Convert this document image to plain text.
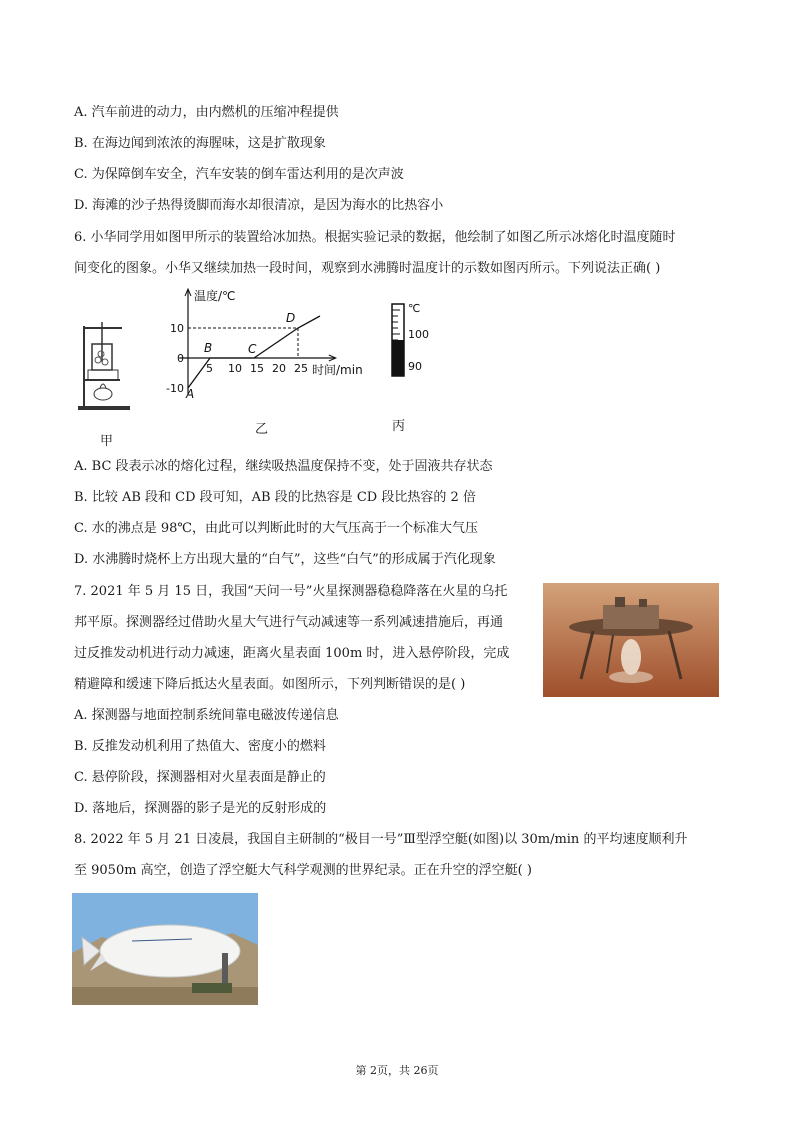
A. 汽车前进的动力，由内燃机的压缩冲程提供
B. 在海边闻到浓浓的海腥味，这是扩散现象
C. 为保障倒车安全，汽车安装的倒车雷达利用的是次声波
D. 海滩的沙子热得烫脚而海水却很清凉，是因为海水的比热容小
6. 小华同学用如图甲所示的装置给冰加热。根据实验记录的数据，他绘制了如图乙所示冰熔化时温度随时
间变化的图象。小华又继续加热一段时间，观察到水沸腾时温度计的示数如图丙所示。下列说法正确( )
甲
温度/℃
时间/min
5 10 15 20 25
10
0
-10 A
B	C
D
乙
℃
100
90
丙
A. BC 段表示冰的熔化过程，继续吸热温度保持不变，处于固液共存状态
B. 比较 AB 段和 CD 段可知，AB 段的比热容是 CD 段比热容的 2 倍
C. 水的沸点是 98℃，由此可以判断此时的大气压高于一个标准大气压
D. 水沸腾时烧杯上方出现大量的“白气”，这些“白气”的形成属于汽化现象
7. 2021 年 5 月 15 日，我国“天问一号”火星探测器稳稳降落在火星的乌托
邦平原。探测器经过借助火星大气进行气动减速等一系列减速措施后，再通
过反推发动机进行动力减速，距离火星表面 100m 时，进入悬停阶段，完成
精避障和缓速下降后抵达火星表面。如图所示，下列判断错误的是( )
A. 探测器与地面控制系统间靠电磁波传递信息
B. 反推发动机利用了热值大、密度小的燃料
C. 悬停阶段，探测器相对火星表面是静止的
D. 落地后，探测器的影子是光的反射形成的
8. 2022 年 5 月 21 日凌晨，我国自主研制的“极目一号”Ⅲ型浮空艇(如图)以 30m/min 的平均速度顺利升
至 9050m 高空，创造了浮空艇大气科学观测的世界纪录。正在升空的浮空艇( )
第 2页，共 26页
